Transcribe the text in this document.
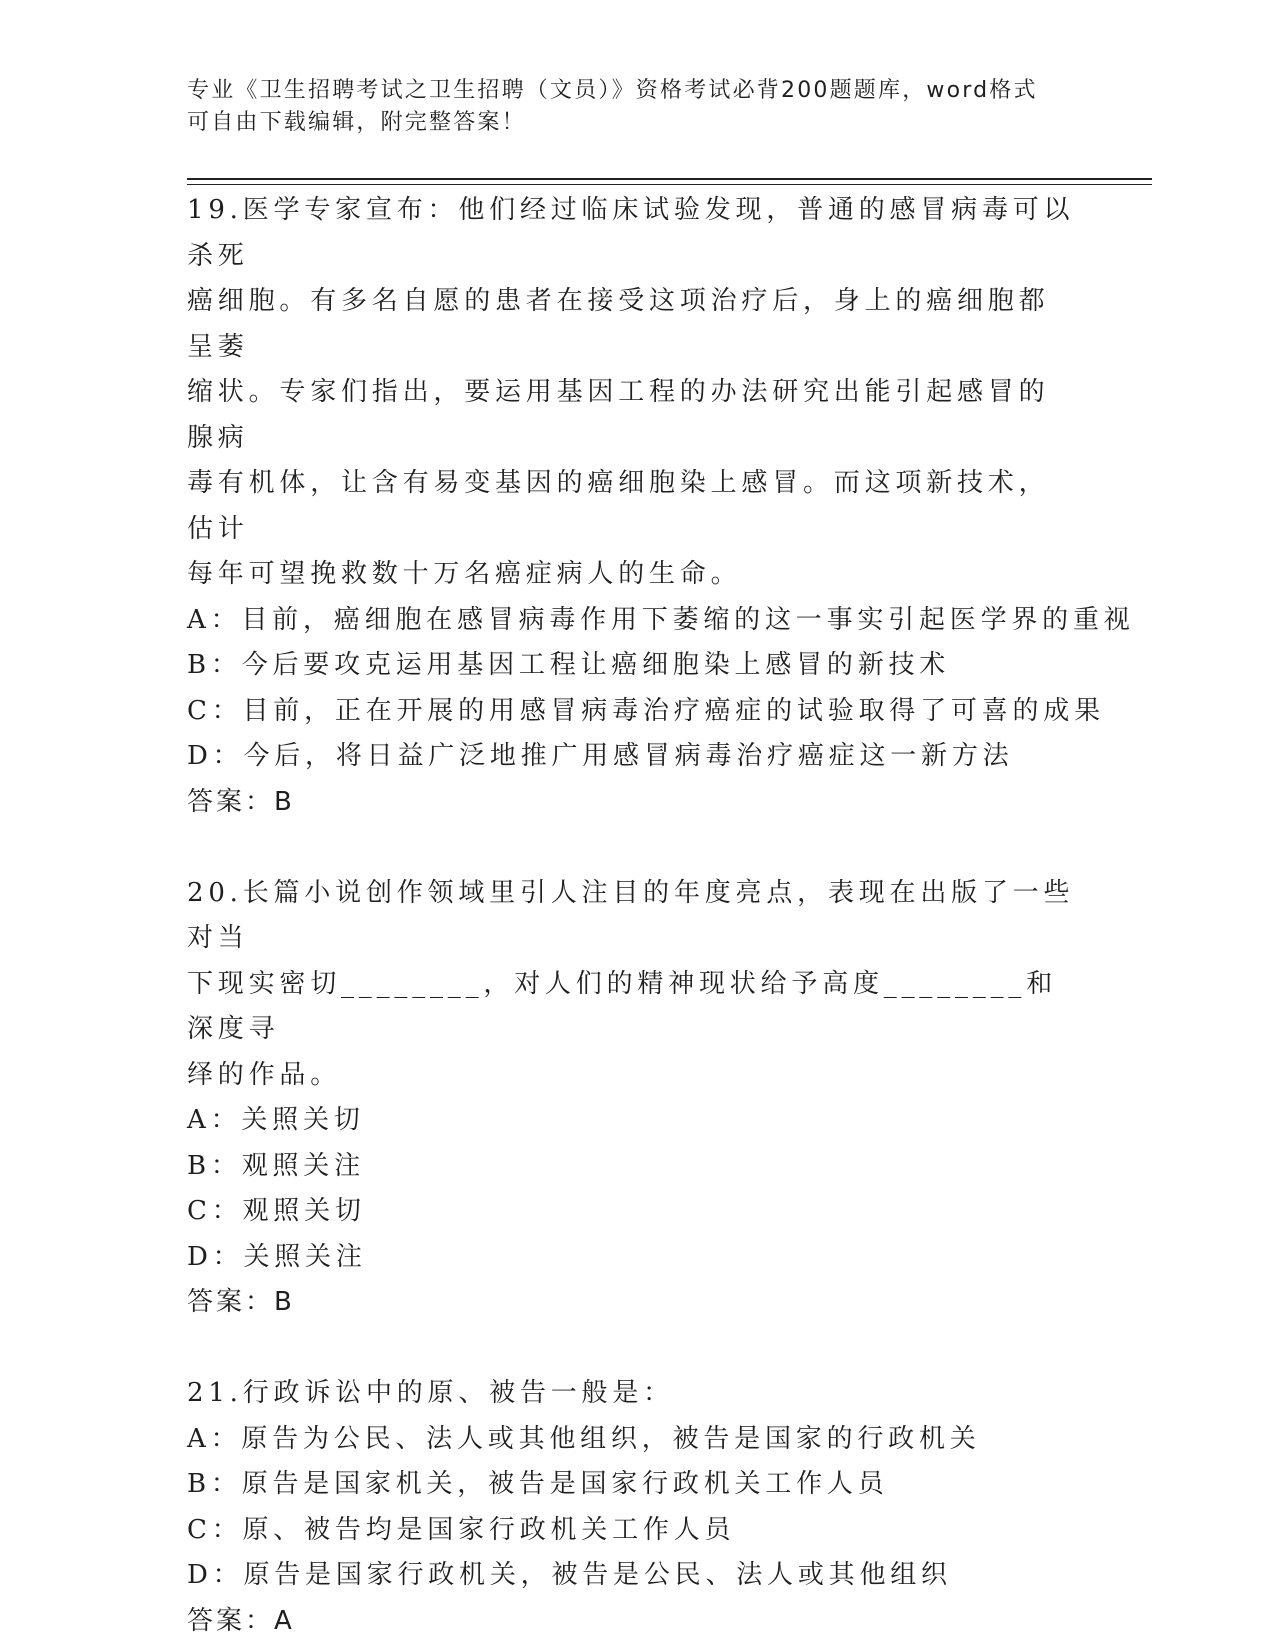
专业《卫生招聘考试之卫生招聘（文员）》资格考试必背200题题库，word格式
可自由下载编辑，附完整答案！

19.医学专家宣布：他们经过临床试验发现，普通的感冒病毒可以杀死

癌细胞。有多名自愿的患者在接受这项治疗后，身上的癌细胞都呈萎

缩状。专家们指出，要运用基因工程的办法研究出能引起感冒的腺病

毒有机体，让含有易变基因的癌细胞染上感冒。而这项新技术，估计

每年可望挽救数十万名癌症病人的生命。

A：目前，癌细胞在感冒病毒作用下萎缩的这一事实引起医学界的重视

B：今后要攻克运用基因工程让癌细胞染上感冒的新技术

C：目前，正在开展的用感冒病毒治疗癌症的试验取得了可喜的成果

D：今后，将日益广泛地推广用感冒病毒治疗癌症这一新方法

答案：B

20.长篇小说创作领域里引人注目的年度亮点，表现在出版了一些对当

下现实密切________，对人们的精神现状给予高度________和深度寻

绎的作品。

A：关照关切

B：观照关注

C：观照关切

D：关照关注

答案：B

21.行政诉讼中的原、被告一般是：

A：原告为公民、法人或其他组织，被告是国家的行政机关

B：原告是国家机关，被告是国家行政机关工作人员

C：原、被告均是国家行政机关工作人员

D：原告是国家行政机关，被告是公民、法人或其他组织

答案：A
